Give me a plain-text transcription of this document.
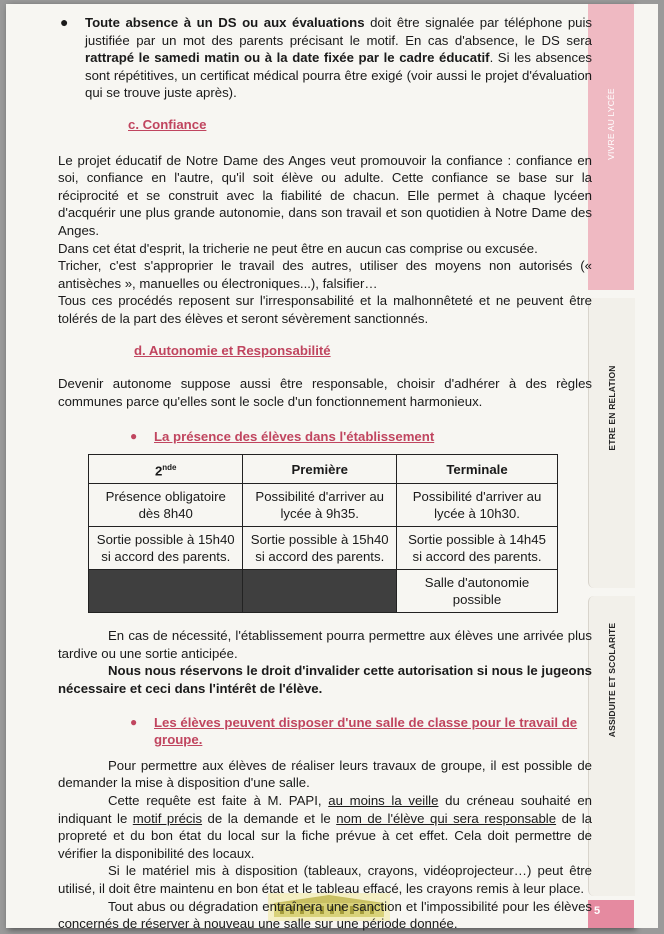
VIVRE AU LYCÉE
ETRE EN RELATION
ASSIDUITE ET SCOLARITE
5
● Toute absence à un DS ou aux évaluations doit être signalée par téléphone puis justifiée par un mot des parents précisant le motif. En cas d'absence, le DS sera rattrapé le samedi matin ou à la date fixée par le cadre éducatif. Si les absences sont répétitives, un certificat médical pourra être exigé (voir aussi le projet d'évaluation qui se trouve juste après).
c. Confiance

Le projet éducatif de Notre Dame des Anges veut promouvoir la confiance : confiance en soi, confiance en l'autre, qu'il soit élève ou adulte. Cette confiance se base sur la réciprocité et se construit avec la fiabilité de chacun. Elle permet à chaque lycéen d'acquérir une plus grande autonomie, dans son travail et son quotidien à Notre Dame des Anges.

Dans cet état d'esprit, la tricherie ne peut être en aucun cas comprise ou excusée.

Tricher, c'est s'approprier le travail des autres, utiliser des moyens non autorisés (« antisèches », manuelles ou électroniques...), falsifier…

Tous ces procédés reposent sur l'irresponsabilité et la malhonnêteté et ne peuvent être tolérés de la part des élèves et seront sévèrement sanctionnés.

d. Autonomie et Responsabilité

Devenir autonome suppose aussi être responsable, choisir d'adhérer à des règles communes parce qu'elles sont le socle d'un fonctionnement harmonieux.

● La présence des élèves dans l'établissement
2nde	Première	Terminale
Présence obligatoire dès 8h40	Possibilité d'arriver au lycée à 9h35.	Possibilité d'arriver au lycée à 10h30.
Sortie possible à 15h40 si accord des parents.	Sortie possible à 15h40 si accord des parents.	Sortie possible à 14h45 si accord des parents.
		Salle d'autonomie possible

En cas de nécessité, l'établissement pourra permettre aux élèves une arrivée plus tardive ou une sortie anticipée.

Nous nous réservons le droit d'invalider cette autorisation si nous le jugeons nécessaire et ceci dans l'intérêt de l'élève.

● Les élèves peuvent disposer d'une salle de classe pour le travail de groupe.

Pour permettre aux élèves de réaliser leurs travaux de groupe, il est possible de demander la mise à disposition d'une salle.

Cette requête est faite à M. PAPI, au moins la veille du créneau souhaité en indiquant le motif précis de la demande et le nom de l'élève qui sera responsable de la propreté et du bon état du local sur la fiche prévue à cet effet. Cela doit permettre de vérifier la disponibilité des locaux.

Si le matériel mis à disposition (tableaux, crayons, vidéoprojecteur…) peut être utilisé, il doit être maintenu en bon état et le tableau effacé, les crayons remis à leur place.

Tout abus ou dégradation entraînera une sanction et l'impossibilité pour les élèves concernés de réserver à nouveau une salle sur une période donnée.
